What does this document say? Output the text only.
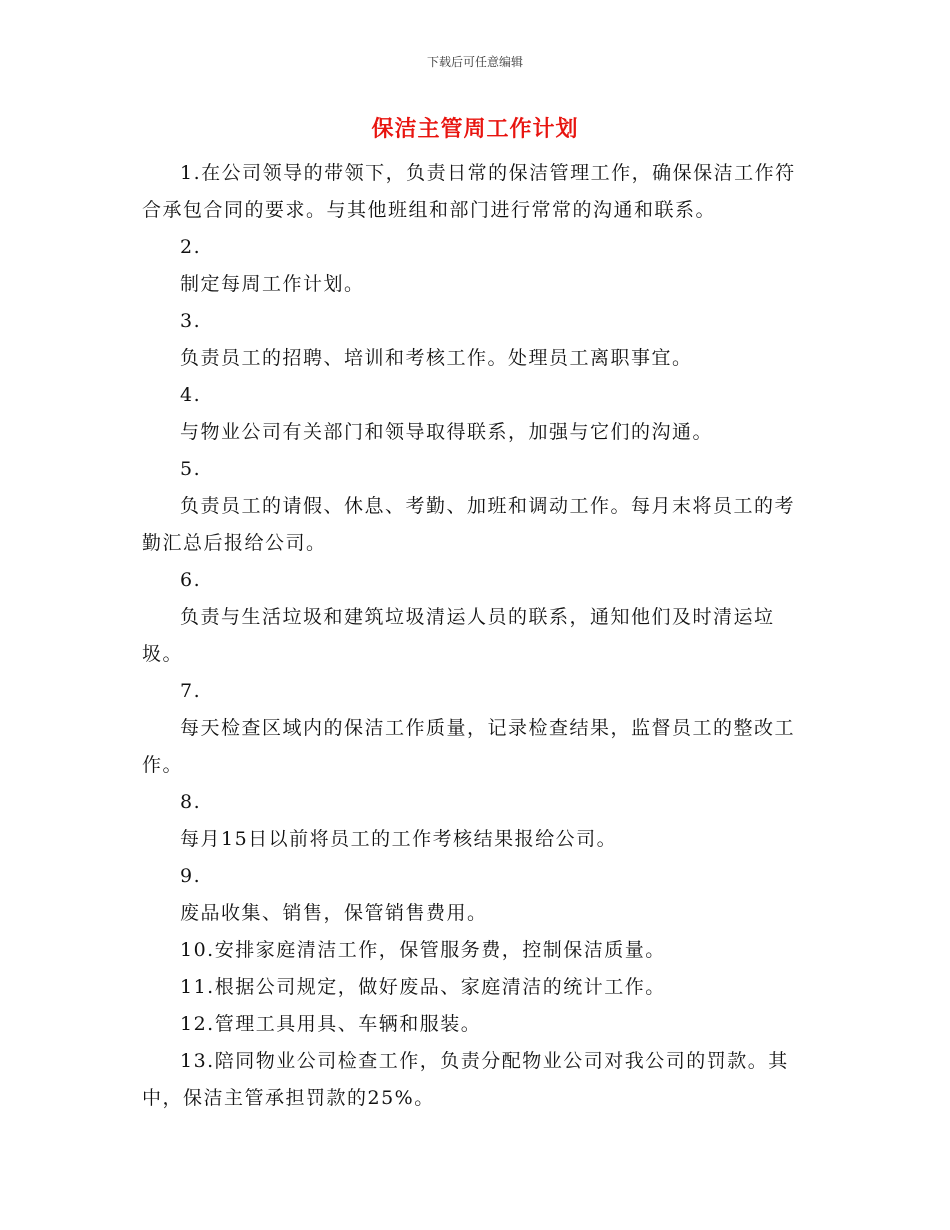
下载后可任意编辑
保洁主管周工作计划

1.在公司领导的带领下，负责日常的保洁管理工作，确保保洁工作符合承包合同的要求。与其他班组和部门进行常常的沟通和联系。

2.

制定每周工作计划。

3.

负责员工的招聘、培训和考核工作。处理员工离职事宜。

4.

与物业公司有关部门和领导取得联系，加强与它们的沟通。

5.

负责员工的请假、休息、考勤、加班和调动工作。每月末将员工的考勤汇总后报给公司。

6.

负责与生活垃圾和建筑垃圾清运人员的联系，通知他们及时清运垃圾。

7.

每天检查区域内的保洁工作质量，记录检查结果，监督员工的整改工作。

8.

每月15日以前将员工的工作考核结果报给公司。

9.

废品收集、销售，保管销售费用。

10.安排家庭清洁工作，保管服务费，控制保洁质量。

11.根据公司规定，做好废品、家庭清洁的统计工作。

12.管理工具用具、车辆和服装。

13.陪同物业公司检查工作，负责分配物业公司对我公司的罚款。其中，保洁主管承担罚款的25%。
